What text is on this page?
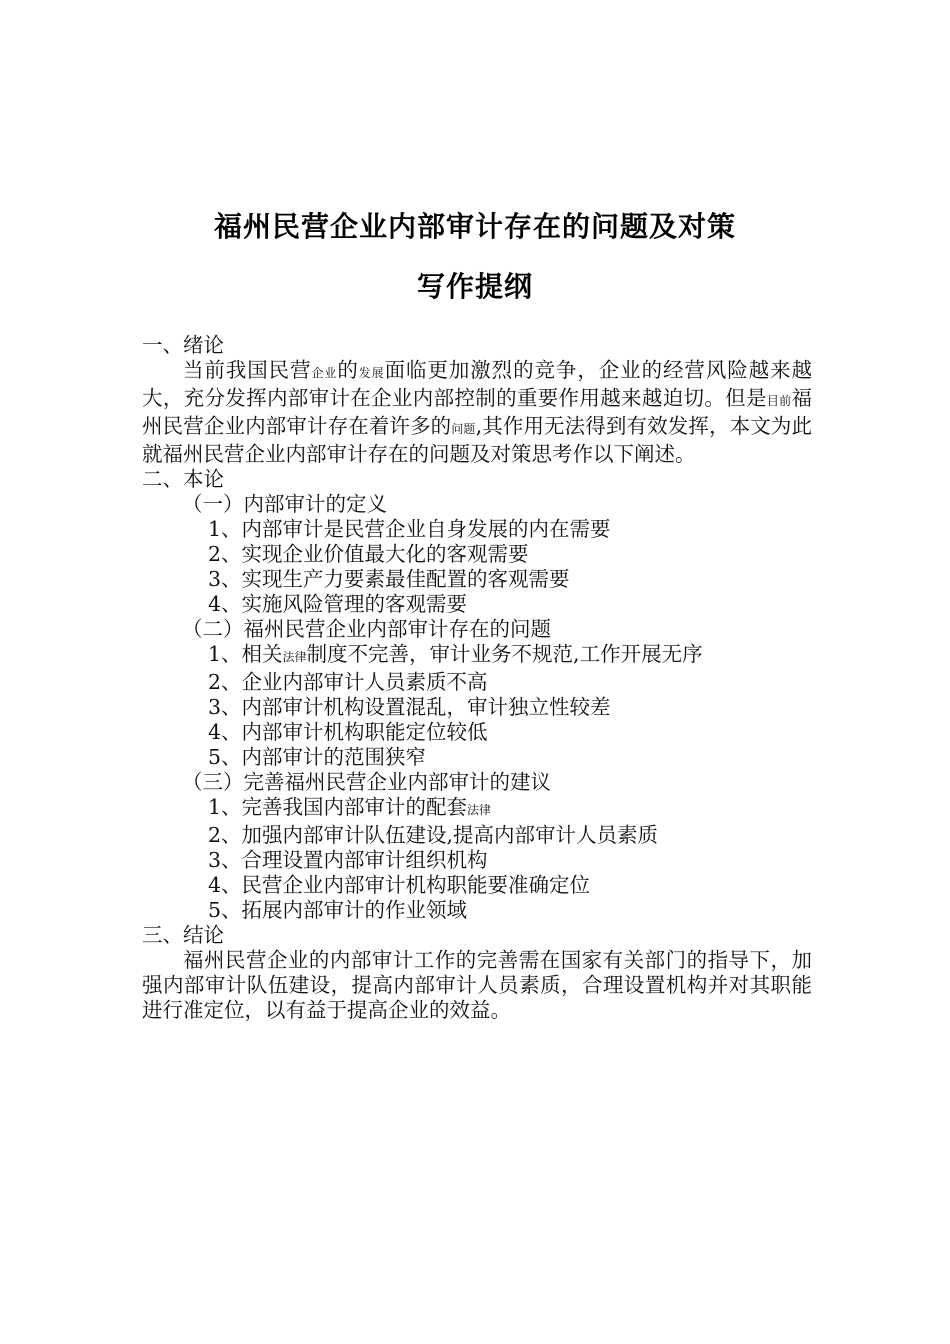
福州民营企业内部审计存在的问题及对策
写作提纲

一、绪论

当前我国民营企业的发展面临更加激烈的竞争，企业的经营风险越来越大，充分发挥内部审计在企业内部控制的重要作用越来越迫切。但是目前福州民营企业内部审计存在着许多的问题,其作用无法得到有效发挥，本文为此就福州民营企业内部审计存在的问题及对策思考作以下阐述。

二、本论

（一）内部审计的定义

1、内部审计是民营企业自身发展的内在需要

2、实现企业价值最大化的客观需要

3、实现生产力要素最佳配置的客观需要

4、实施风险管理的客观需要

（二）福州民营企业内部审计存在的问题

1、相关法律制度不完善，审计业务不规范,工作开展无序

2、企业内部审计人员素质不高

3、内部审计机构设置混乱，审计独立性较差

4、内部审计机构职能定位较低

5、内部审计的范围狭窄

（三）完善福州民营企业内部审计的建议

1、完善我国内部审计的配套法律

2、加强内部审计队伍建设,提高内部审计人员素质

3、合理设置内部审计组织机构

4、民营企业内部审计机构职能要准确定位

5、拓展内部审计的作业领域

三、结论

福州民营企业的内部审计工作的完善需在国家有关部门的指导下，加强内部审计队伍建设，提高内部审计人员素质，合理设置机构并对其职能进行准定位，以有益于提高企业的效益。
